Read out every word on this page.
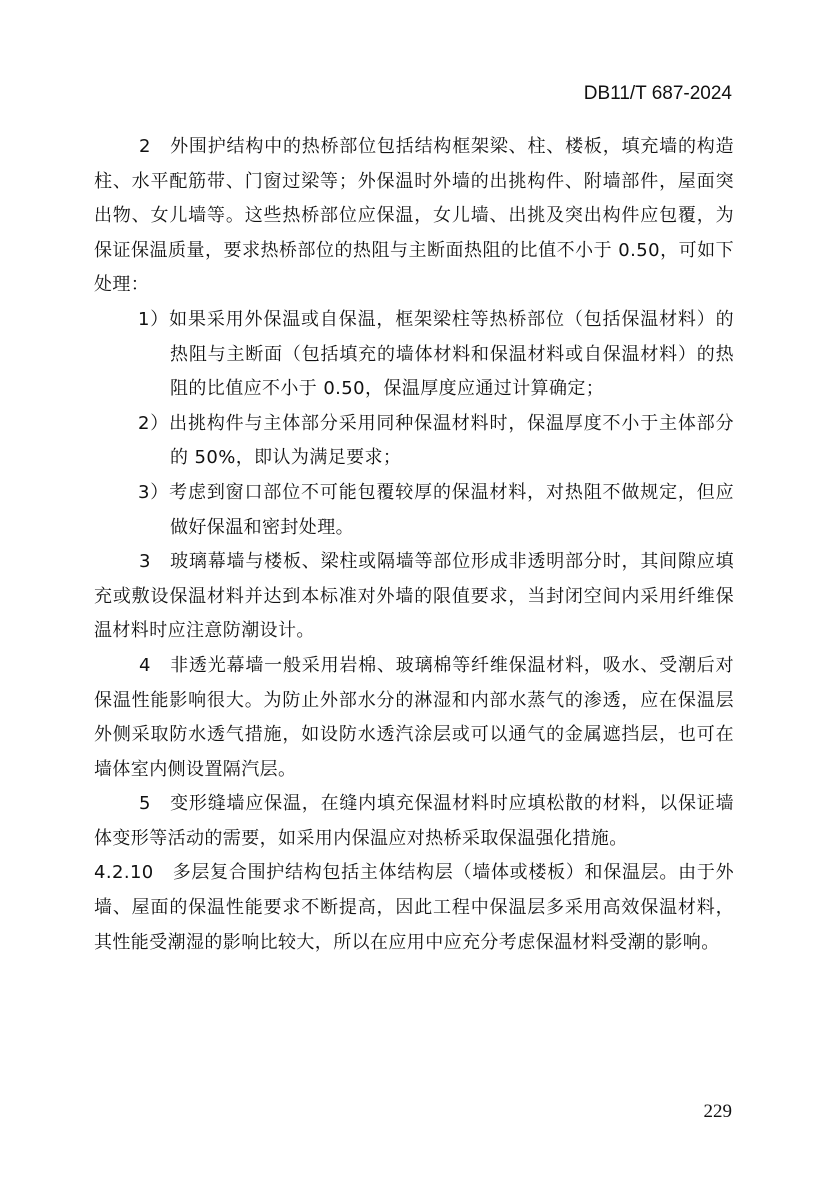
DB11/T 687-2024

2　外围护结构中的热桥部位包括结构框架梁、柱、楼板，填充墙的构造柱、水平配筋带、门窗过梁等；外保温时外墙的出挑构件、附墙部件，屋面突出物、女儿墙等。这些热桥部位应保温，女儿墙、出挑及突出构件应包覆，为保证保温质量，要求热桥部位的热阻与主断面热阻的比值不小于 0.50，可如下处理：

1）如果采用外保温或自保温，框架梁柱等热桥部位（包括保温材料）的热阻与主断面（包括填充的墙体材料和保温材料或自保温材料）的热阻的比值应不小于 0.50，保温厚度应通过计算确定；

2）出挑构件与主体部分采用同种保温材料时，保温厚度不小于主体部分的 50%，即认为满足要求；

3）考虑到窗口部位不可能包覆较厚的保温材料，对热阻不做规定，但应做好保温和密封处理。

3　玻璃幕墙与楼板、梁柱或隔墙等部位形成非透明部分时，其间隙应填充或敷设保温材料并达到本标准对外墙的限值要求，当封闭空间内采用纤维保温材料时应注意防潮设计。

4　非透光幕墙一般采用岩棉、玻璃棉等纤维保温材料，吸水、受潮后对保温性能影响很大。为防止外部水分的淋湿和内部水蒸气的渗透，应在保温层外侧采取防水透气措施，如设防水透汽涂层或可以通气的金属遮挡层，也可在墙体室内侧设置隔汽层。

5　变形缝墙应保温，在缝内填充保温材料时应填松散的材料，以保证墙体变形等活动的需要，如采用内保温应对热桥采取保温强化措施。

4.2.10　多层复合围护结构包括主体结构层（墙体或楼板）和保温层。由于外墙、屋面的保温性能要求不断提高，因此工程中保温层多采用高效保温材料，其性能受潮湿的影响比较大，所以在应用中应充分考虑保温材料受潮的影响。

229
